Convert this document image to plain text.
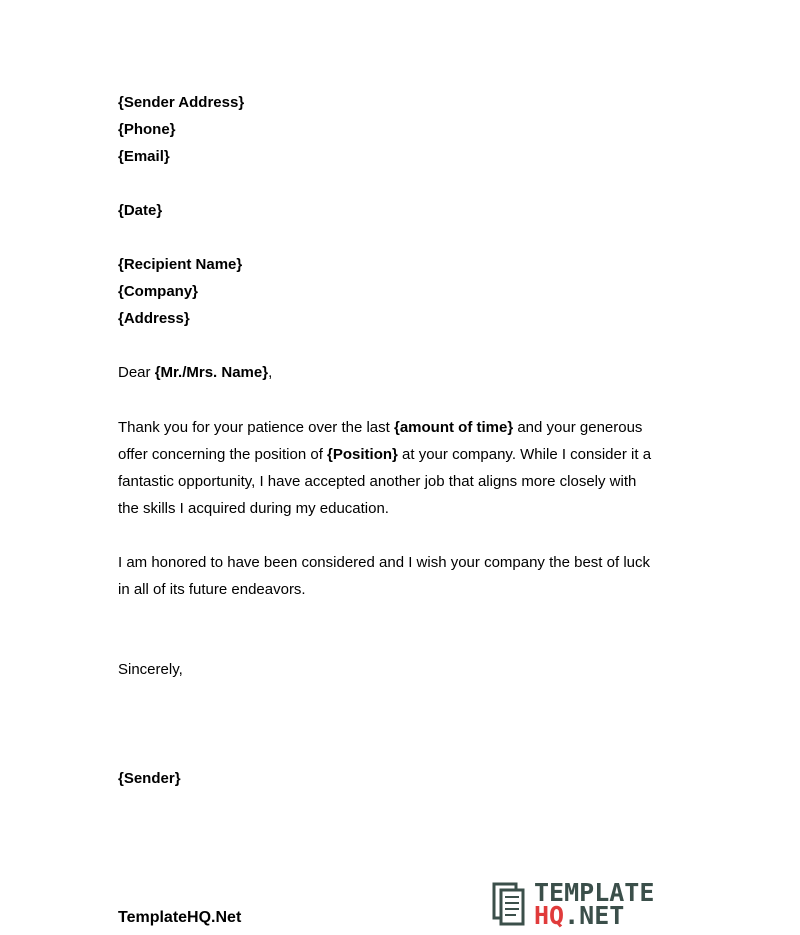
{Sender Address}
{Phone}
{Email}
{Date}
{Recipient Name}
{Company}
{Address}
Dear {Mr./Mrs. Name},
Thank you for your patience over the last {amount of time} and your generous
offer concerning the position of {Position} at your company. While I consider it a
fantastic opportunity, I have accepted another job that aligns more closely with
the skills I acquired during my education.
I am honored to have been considered and I wish your company the best of luck
in all of its future endeavors.
Sincerely,
{Sender}
TemplateHQ.Net
TEMPLATE
HQ.NET
